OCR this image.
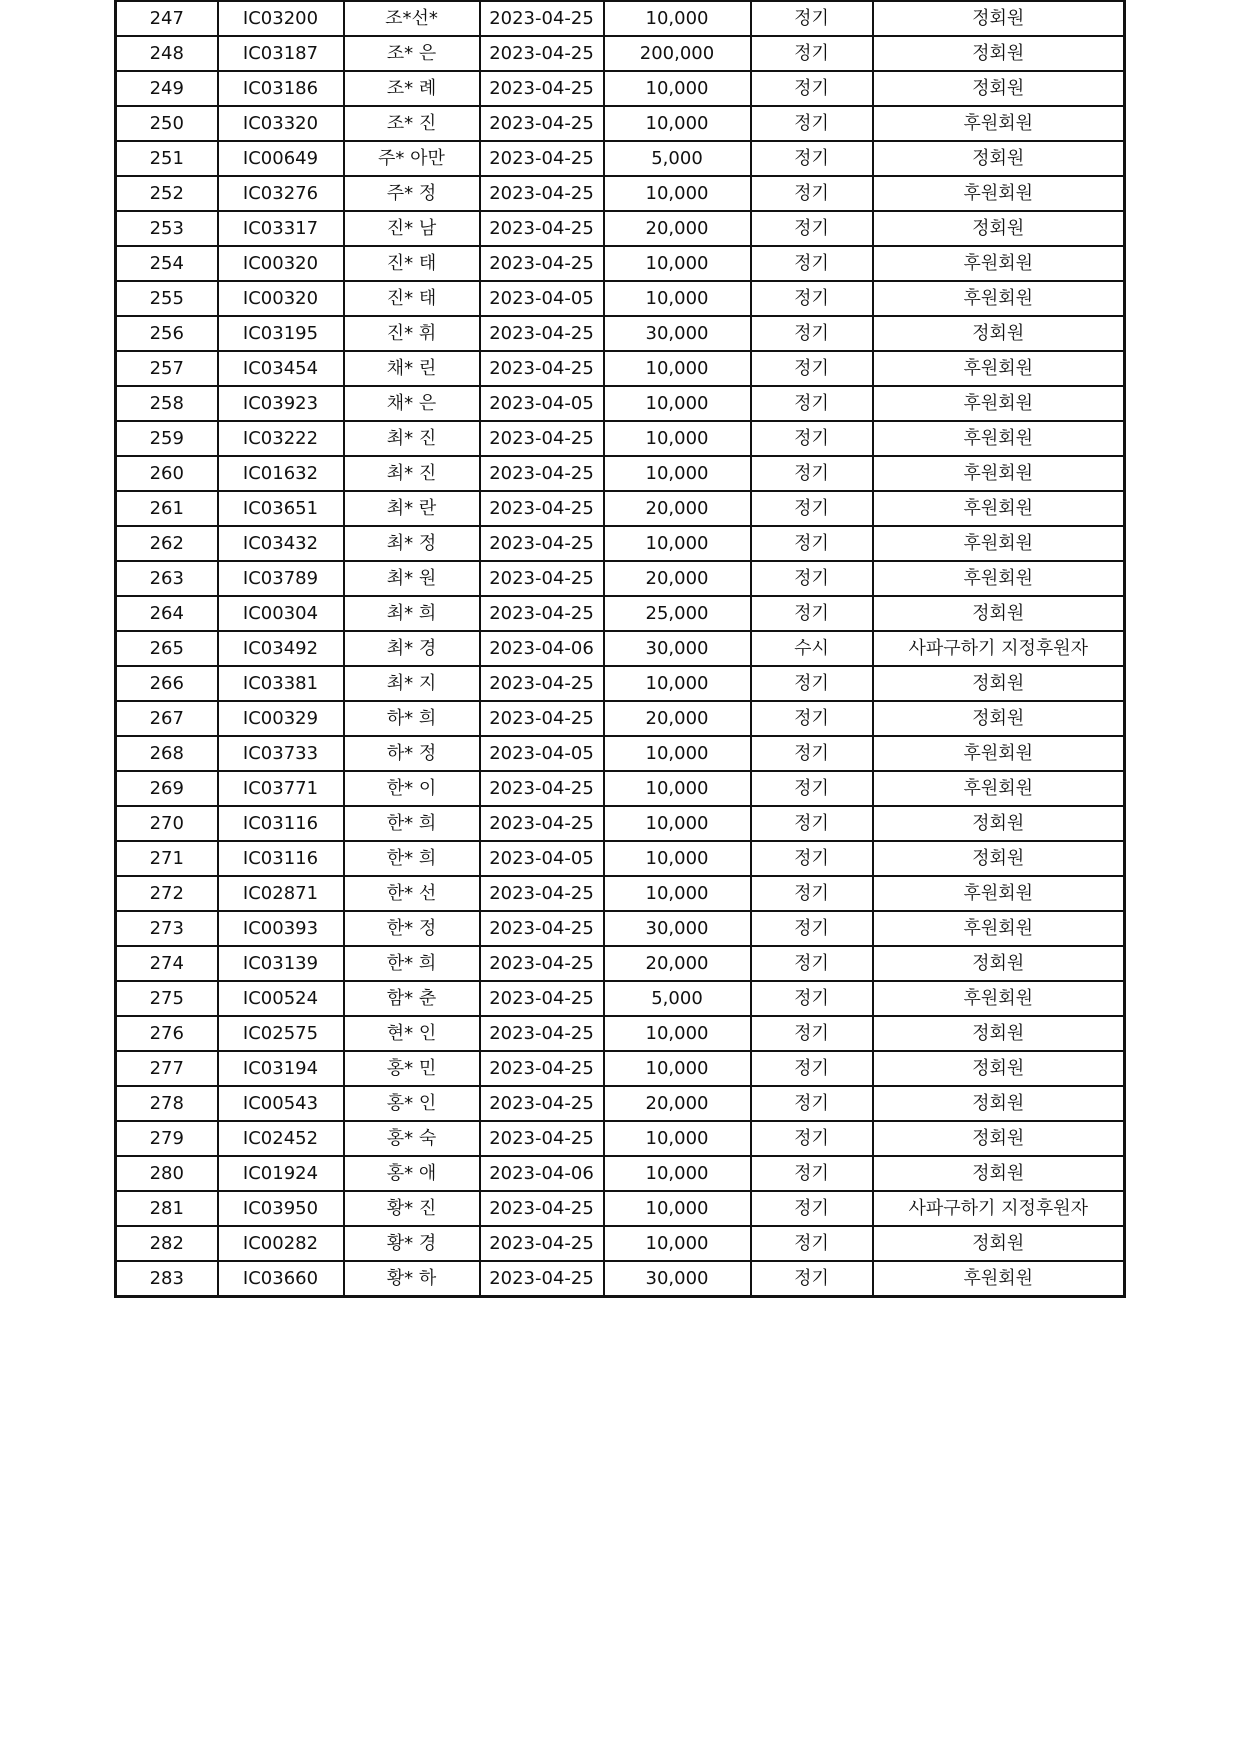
247	IC03200	조*선*	2023-04-25	10,000	정기	정회원
248	IC03187	조* 은	2023-04-25	200,000	정기	정회원
249	IC03186	조* 례	2023-04-25	10,000	정기	정회원
250	IC03320	조* 진	2023-04-25	10,000	정기	후원회원
251	IC00649	주* 아만	2023-04-25	5,000	정기	정회원
252	IC03276	주* 정	2023-04-25	10,000	정기	후원회원
253	IC03317	진* 남	2023-04-25	20,000	정기	정회원
254	IC00320	진* 태	2023-04-25	10,000	정기	후원회원
255	IC00320	진* 태	2023-04-05	10,000	정기	후원회원
256	IC03195	진* 휘	2023-04-25	30,000	정기	정회원
257	IC03454	채* 린	2023-04-25	10,000	정기	후원회원
258	IC03923	채* 은	2023-04-05	10,000	정기	후원회원
259	IC03222	최* 진	2023-04-25	10,000	정기	후원회원
260	IC01632	최* 진	2023-04-25	10,000	정기	후원회원
261	IC03651	최* 란	2023-04-25	20,000	정기	후원회원
262	IC03432	최* 정	2023-04-25	10,000	정기	후원회원
263	IC03789	최* 원	2023-04-25	20,000	정기	후원회원
264	IC00304	최* 희	2023-04-25	25,000	정기	정회원
265	IC03492	최* 경	2023-04-06	30,000	수시	사파구하기 지정후원자
266	IC03381	최* 지	2023-04-25	10,000	정기	정회원
267	IC00329	하* 희	2023-04-25	20,000	정기	정회원
268	IC03733	하* 정	2023-04-05	10,000	정기	후원회원
269	IC03771	한* 이	2023-04-25	10,000	정기	후원회원
270	IC03116	한* 희	2023-04-25	10,000	정기	정회원
271	IC03116	한* 희	2023-04-05	10,000	정기	정회원
272	IC02871	한* 선	2023-04-25	10,000	정기	후원회원
273	IC00393	한* 정	2023-04-25	30,000	정기	후원회원
274	IC03139	한* 희	2023-04-25	20,000	정기	정회원
275	IC00524	함* 춘	2023-04-25	5,000	정기	후원회원
276	IC02575	현* 인	2023-04-25	10,000	정기	정회원
277	IC03194	홍* 민	2023-04-25	10,000	정기	정회원
278	IC00543	홍* 인	2023-04-25	20,000	정기	정회원
279	IC02452	홍* 숙	2023-04-25	10,000	정기	정회원
280	IC01924	홍* 애	2023-04-06	10,000	정기	정회원
281	IC03950	황* 진	2023-04-25	10,000	정기	사파구하기 지정후원자
282	IC00282	황* 경	2023-04-25	10,000	정기	정회원
283	IC03660	황* 하	2023-04-25	30,000	정기	후원회원
